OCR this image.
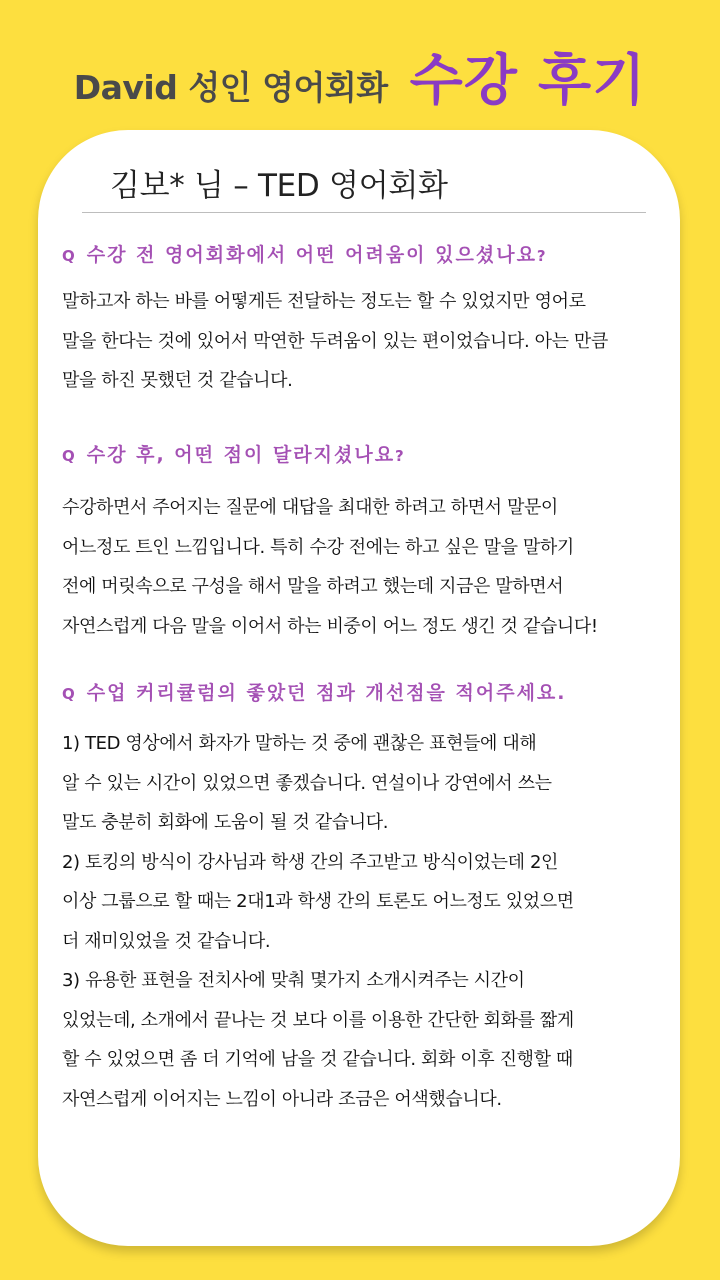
David 성인 영어회화 수강 후기
김보* 님 – TED 영어회화
Q 수강 전 영어회화에서 어떤 어려움이 있으셨나요?
말하고자 하는 바를 어떻게든 전달하는 정도는 할 수 있었지만 영어로
말을 한다는 것에 있어서 막연한 두려움이 있는 편이었습니다. 아는 만큼
말을 하진 못했던 것 같습니다.
Q 수강 후, 어떤 점이 달라지셨나요?
수강하면서 주어지는 질문에 대답을 최대한 하려고 하면서 말문이
어느정도 트인 느낌입니다. 특히 수강 전에는 하고 싶은 말을 말하기
전에 머릿속으로 구성을 해서 말을 하려고 했는데 지금은 말하면서
자연스럽게 다음 말을 이어서 하는 비중이 어느 정도 생긴 것 같습니다!
Q 수업 커리큘럼의 좋았던 점과 개선점을 적어주세요.
1) TED 영상에서 화자가 말하는 것 중에 괜찮은 표현들에 대해
알 수 있는 시간이 있었으면 좋겠습니다. 연설이나 강연에서 쓰는
말도 충분히 회화에 도움이 될 것 같습니다.
2) 토킹의 방식이 강사님과 학생 간의 주고받고 방식이었는데 2인
이상 그룹으로 할 때는 2대1과 학생 간의 토론도 어느정도 있었으면
더 재미있었을 것 같습니다.
3) 유용한 표현을 전치사에 맞춰 몇가지 소개시켜주는 시간이
있었는데, 소개에서 끝나는 것 보다 이를 이용한 간단한 회화를 짧게
할 수 있었으면 좀 더 기억에 남을 것 같습니다. 회화 이후 진행할 때
자연스럽게 이어지는 느낌이 아니라 조금은 어색했습니다.
